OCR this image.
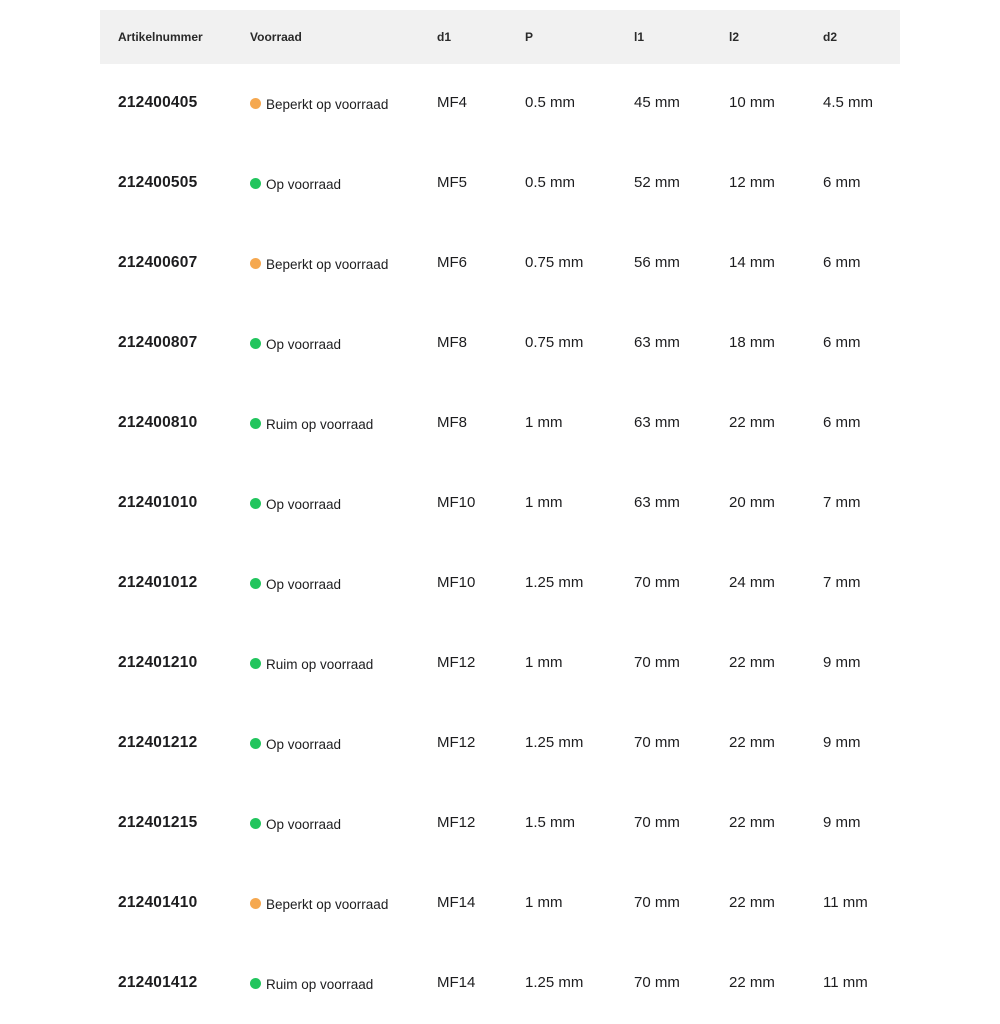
Artikelnummer	Voorraad	d1	P	l1	l2	d2
212400405	Beperkt op voorraad	MF4	0.5 mm	45 mm	10 mm	4.5 mm
212400505	Op voorraad	MF5	0.5 mm	52 mm	12 mm	6 mm
212400607	Beperkt op voorraad	MF6	0.75 mm	56 mm	14 mm	6 mm
212400807	Op voorraad	MF8	0.75 mm	63 mm	18 mm	6 mm
212400810	Ruim op voorraad	MF8	1 mm	63 mm	22 mm	6 mm
212401010	Op voorraad	MF10	1 mm	63 mm	20 mm	7 mm
212401012	Op voorraad	MF10	1.25 mm	70 mm	24 mm	7 mm
212401210	Ruim op voorraad	MF12	1 mm	70 mm	22 mm	9 mm
212401212	Op voorraad	MF12	1.25 mm	70 mm	22 mm	9 mm
212401215	Op voorraad	MF12	1.5 mm	70 mm	22 mm	9 mm
212401410	Beperkt op voorraad	MF14	1 mm	70 mm	22 mm	11 mm
212401412	Ruim op voorraad	MF14	1.25 mm	70 mm	22 mm	11 mm
